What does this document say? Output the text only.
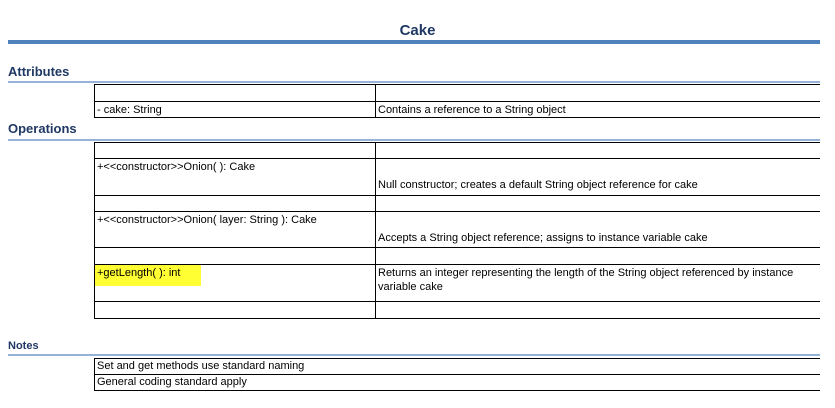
Cake
Attributes
- cake: String	Contains a reference to a String object
Operations
+<<constructor>>Onion( ): Cake
Null constructor; creates a default String object reference for cake
+<<constructor>>Onion( layer: String ): Cake
Accepts a String object reference; assigns to instance variable cake
+getLength( ): int	Returns an integer representing the length of the String object referenced by instance variable cake
Notes
Set and get methods use standard naming
General coding standard apply
